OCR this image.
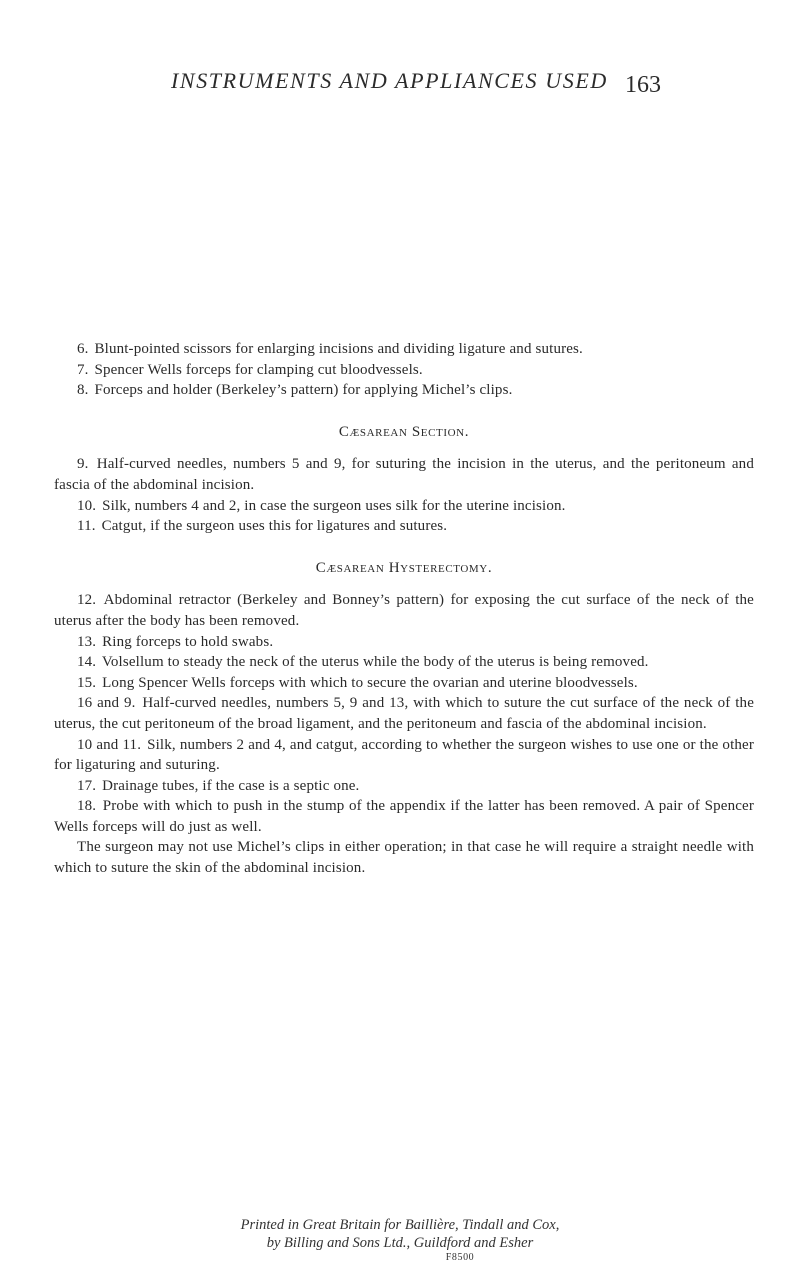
INSTRUMENTS AND APPLIANCES USED 163

6. Blunt-pointed scissors for enlarging incisions and dividing ligature and sutures.

7. Spencer Wells forceps for clamping cut bloodvessels.

8. Forceps and holder (Berkeley’s pattern) for applying Michel’s clips.

Cæsarean Section.

9. Half-curved needles, numbers 5 and 9, for suturing the incision in the uterus, and the peritoneum and fascia of the abdominal incision.

10. Silk, numbers 4 and 2, in case the surgeon uses silk for the uterine incision.

11. Catgut, if the surgeon uses this for ligatures and sutures.

Cæsarean Hysterectomy.

12. Abdominal retractor (Berkeley and Bonney’s pattern) for exposing the cut surface of the neck of the uterus after the body has been removed.

13. Ring forceps to hold swabs.

14. Volsellum to steady the neck of the uterus while the body of the uterus is being removed.

15. Long Spencer Wells forceps with which to secure the ovarian and uterine bloodvessels.

16 and 9. Half-curved needles, numbers 5, 9 and 13, with which to suture the cut surface of the neck of the uterus, the cut peritoneum of the broad ligament, and the peritoneum and fascia of the abdominal incision.

10 and 11. Silk, numbers 2 and 4, and catgut, according to whether the surgeon wishes to use one or the other for ligaturing and suturing.

17. Drainage tubes, if the case is a septic one.

18. Probe with which to push in the stump of the appendix if the latter has been removed. A pair of Spencer Wells forceps will do just as well.

The surgeon may not use Michel’s clips in either operation; in that case he will require a straight needle with which to suture the skin of the abdominal incision.

Printed in Great Britain for Baillière, Tindall and Cox,
by Billing and Sons Ltd., Guildford and Esher
F8500
